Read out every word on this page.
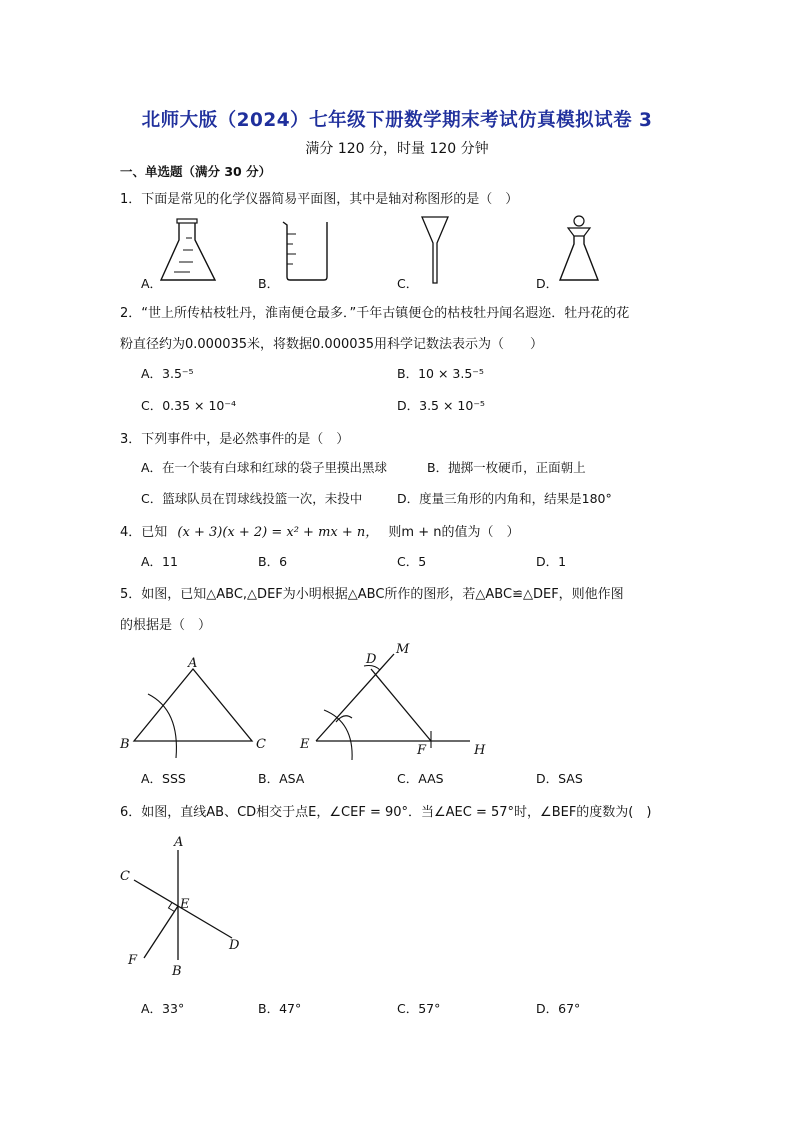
北师大版（2024）七年级下册数学期末考试仿真模拟试卷 3
满分 120 分，时量 120 分钟
一、单选题（满分 30 分）
1．下面是常见的化学仪器简易平面图，其中是轴对称图形的是（　）
A．	B．	C．	D．
2．“世上所传枯枝牡丹，淮南便仓最多．”千年古镇便仓的枯枝牡丹闻名遐迩．牡丹花的花
粉直径约为0.000035米，将数据0.000035用科学记数法表示为（　　）
A．3.5⁻⁵	B．10 × 3.5⁻⁵
C．0.35 × 10⁻⁴	D．3.5 × 10⁻⁵
3．下列事件中，是必然事件的是（　）
A．在一个装有白球和红球的袋子里摸出黑球	B．抛掷一枚硬币，正面朝上
C．篮球队员在罚球线投篮一次，未投中	D．度量三角形的内角和，结果是180°
4．已知 (x + 3)(x + 2) = x² + mx + n， 则m + n的值为（　）
A．11	B．6	C．5	D．1
5．如图，已知△ABC,△DEF为小明根据△ABC所作的图形，若△ABC≌△DEF，则他作图
的根据是（　）
A
B	C
D
M
E	F	H
A．SSS	B．ASA	C．AAS	D．SAS
6．如图，直线AB、CD相交于点E，∠CEF = 90°．当∠AEC = 57°时，∠BEF的度数为(　)
A
C
E
D
F
B
A．33°	B．47°	C．57°	D．67°
